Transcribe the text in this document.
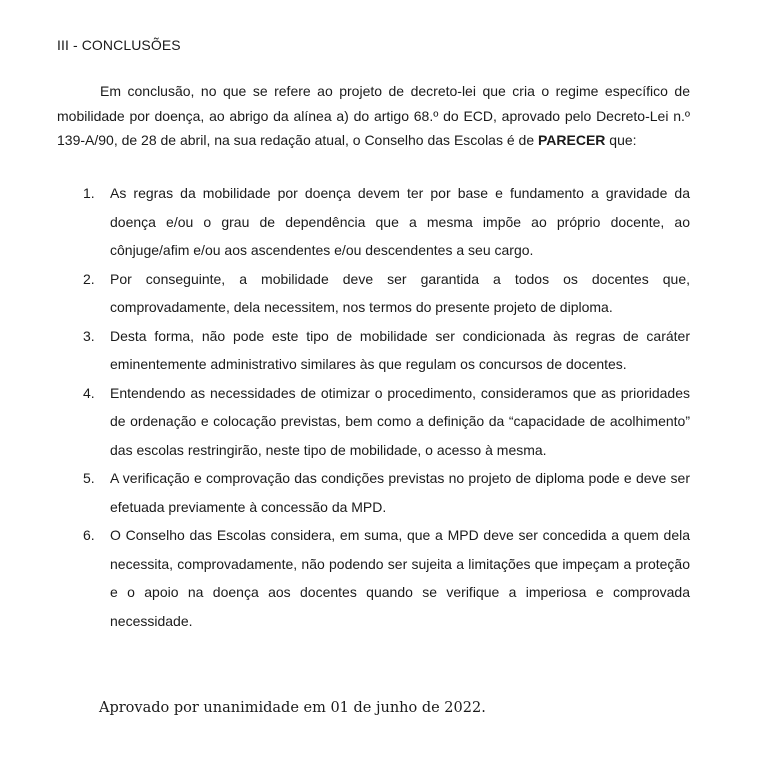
III - CONCLUSÕES

Em conclusão, no que se refere ao projeto de decreto-lei que cria o regime específico de mobilidade por doença, ao abrigo da alínea a) do artigo 68.º do ECD, aprovado pelo Decreto-Lei n.º 139-A/90, de 28 de abril, na sua redação atual, o Conselho das Escolas é de PARECER que:

1. As regras da mobilidade por doença devem ter por base e fundamento a gravidade da doença e/ou o grau de dependência que a mesma impõe ao próprio docente, ao cônjuge/afim e/ou aos ascendentes e/ou descendentes a seu cargo.
2. Por conseguinte, a mobilidade deve ser garantida a todos os docentes que, comprovadamente, dela necessitem, nos termos do presente projeto de diploma.
3. Desta forma, não pode este tipo de mobilidade ser condicionada às regras de caráter eminentemente administrativo similares às que regulam os concursos de docentes.
4. Entendendo as necessidades de otimizar o procedimento, consideramos que as prioridades de ordenação e colocação previstas, bem como a definição da “capacidade de acolhimento” das escolas restringirão, neste tipo de mobilidade, o acesso à mesma.
5. A verificação e comprovação das condições previstas no projeto de diploma pode e deve ser efetuada previamente à concessão da MPD.
6. O Conselho das Escolas considera, em suma, que a MPD deve ser concedida a quem dela necessita, comprovadamente, não podendo ser sujeita a limitações que impeçam a proteção e o apoio na doença aos docentes quando se verifique a imperiosa e comprovada necessidade.
Aprovado por unanimidade em 01 de junho de 2022.
